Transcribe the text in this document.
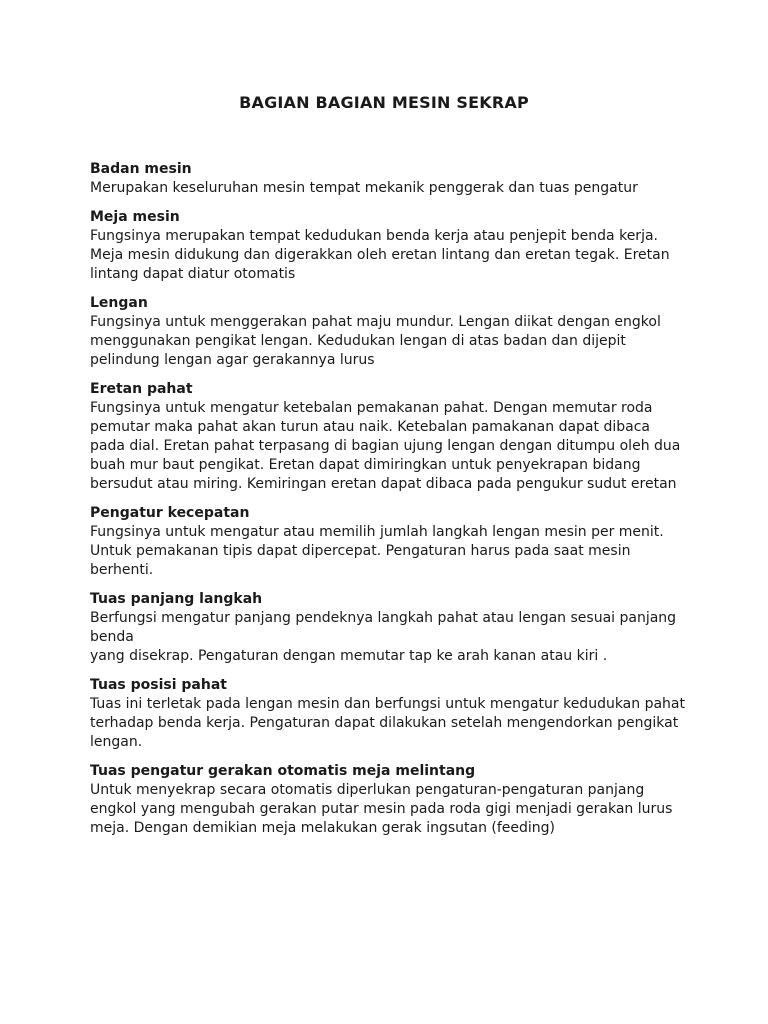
BAGIAN BAGIAN MESIN SEKRAP
Badan mesin

Merupakan keseluruhan mesin tempat mekanik penggerak dan tuas pengatur

Meja mesin

Fungsinya merupakan tempat kedudukan benda kerja atau penjepit benda kerja.

Meja mesin didukung dan digerakkan oleh eretan lintang dan eretan tegak. Eretan

lintang dapat diatur otomatis

Lengan

Fungsinya untuk menggerakan pahat maju mundur. Lengan diikat dengan engkol

menggunakan pengikat lengan. Kedudukan lengan di atas badan dan dijepit

pelindung lengan agar gerakannya lurus

Eretan pahat

Fungsinya untuk mengatur ketebalan pemakanan pahat. Dengan memutar roda

pemutar maka pahat akan turun atau naik. Ketebalan pamakanan dapat dibaca

pada dial. Eretan pahat terpasang di bagian ujung lengan dengan ditumpu oleh dua

buah mur baut pengikat. Eretan dapat dimiringkan untuk penyekrapan bidang

bersudut atau miring. Kemiringan eretan dapat dibaca pada pengukur sudut eretan

Pengatur kecepatan

Fungsinya untuk mengatur atau memilih jumlah langkah lengan mesin per menit.

Untuk pemakanan tipis dapat dipercepat. Pengaturan harus pada saat mesin

berhenti.

Tuas panjang langkah

Berfungsi mengatur panjang pendeknya langkah pahat atau lengan sesuai panjang

benda

yang disekrap. Pengaturan dengan memutar tap ke arah kanan atau kiri .

Tuas posisi pahat

Tuas ini terletak pada lengan mesin dan berfungsi untuk mengatur kedudukan pahat

terhadap benda kerja. Pengaturan dapat dilakukan setelah mengendorkan pengikat

lengan.

Tuas pengatur gerakan otomatis meja melintang

Untuk menyekrap secara otomatis diperlukan pengaturan-pengaturan panjang

engkol yang mengubah gerakan putar mesin pada roda gigi menjadi gerakan lurus

meja. Dengan demikian meja melakukan gerak ingsutan (feeding)
